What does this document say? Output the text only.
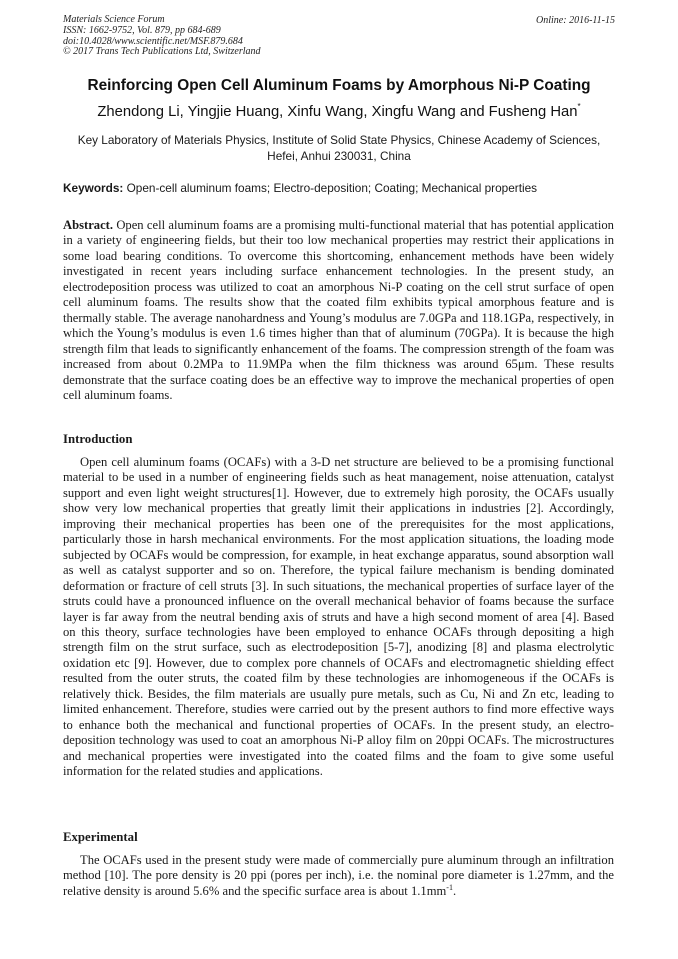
Materials Science Forum
ISSN: 1662-9752, Vol. 879, pp 684-689
doi:10.4028/www.scientific.net/MSF.879.684
© 2017 Trans Tech Publications Ltd, Switzerland
Online: 2016-11-15
Reinforcing Open Cell Aluminum Foams by Amorphous Ni-P Coating
Zhendong Li, Yingjie Huang, Xinfu Wang, Xingfu Wang and Fusheng Han*
Key Laboratory of Materials Physics, Institute of Solid State Physics, Chinese Academy of Sciences,
Hefei, Anhui 230031, China
Keywords: Open-cell aluminum foams; Electro-deposition; Coating; Mechanical properties
Abstract. Open cell aluminum foams are a promising multi-functional material that has potential application in a variety of engineering fields, but their too low mechanical properties may restrict their applications in some load bearing conditions. To overcome this shortcoming, enhancement methods have been widely investigated in recent years including surface enhancement technologies. In the present study, an electrodeposition process was utilized to coat an amorphous Ni-P coating on the cell strut surface of open cell aluminum foams. The results show that the coated film exhibits typical amorphous feature and is thermally stable. The average nanohardness and Young’s modulus are 7.0GPa and 118.1GPa, respectively, in which the Young’s modulus is even 1.6 times higher than that of aluminum (70GPa). It is because the high strength film that leads to significantly enhancement of the foams. The compression strength of the foam was increased from about 0.2MPa to 11.9MPa when the film thickness was around 65μm. These results demonstrate that the surface coating does be an effective way to improve the mechanical properties of open cell aluminum foams.
Introduction
Open cell aluminum foams (OCAFs) with a 3-D net structure are believed to be a promising functional material to be used in a number of engineering fields such as heat management, noise attenuation, catalyst support and even light weight structures[1]. However, due to extremely high porosity, the OCAFs usually show very low mechanical properties that greatly limit their applications in industries [2]. Accordingly, improving their mechanical properties has been one of the prerequisites for the most applications, particularly those in harsh mechanical environments. For the most application situations, the loading mode subjected by OCAFs would be compression, for example, in heat exchange apparatus, sound absorption wall as well as catalyst supporter and so on. Therefore, the typical failure mechanism is bending dominated deformation or fracture of cell struts [3]. In such situations, the mechanical properties of surface layer of the struts could have a pronounced influence on the overall mechanical behavior of foams because the surface layer is far away from the neutral bending axis of struts and have a high second moment of area [4]. Based on this theory, surface technologies have been employed to enhance OCAFs through depositing a high strength film on the strut surface, such as electrodeposition [5-7], anodizing [8] and plasma electrolytic oxidation etc [9]. However, due to complex pore channels of OCAFs and electromagnetic shielding effect resulted from the outer struts, the coated film by these technologies are inhomogeneous if the OCAFs is relatively thick. Besides, the film materials are usually pure metals, such as Cu, Ni and Zn etc, leading to limited enhancement. Therefore, studies were carried out by the present authors to find more effective ways to enhance both the mechanical and functional properties of OCAFs. In the present study, an electro-deposition technology was used to coat an amorphous Ni-P alloy film on 20ppi OCAFs. The microstructures and mechanical properties were investigated into the coated films and the foam to give some useful information for the related studies and applications.
Experimental
The OCAFs used in the present study were made of commercially pure aluminum through an infiltration method [10]. The pore density is 20 ppi (pores per inch), i.e. the nominal pore diameter is 1.27mm, and the relative density is around 5.6% and the specific surface area is about $1.1mm^{-1}$.
